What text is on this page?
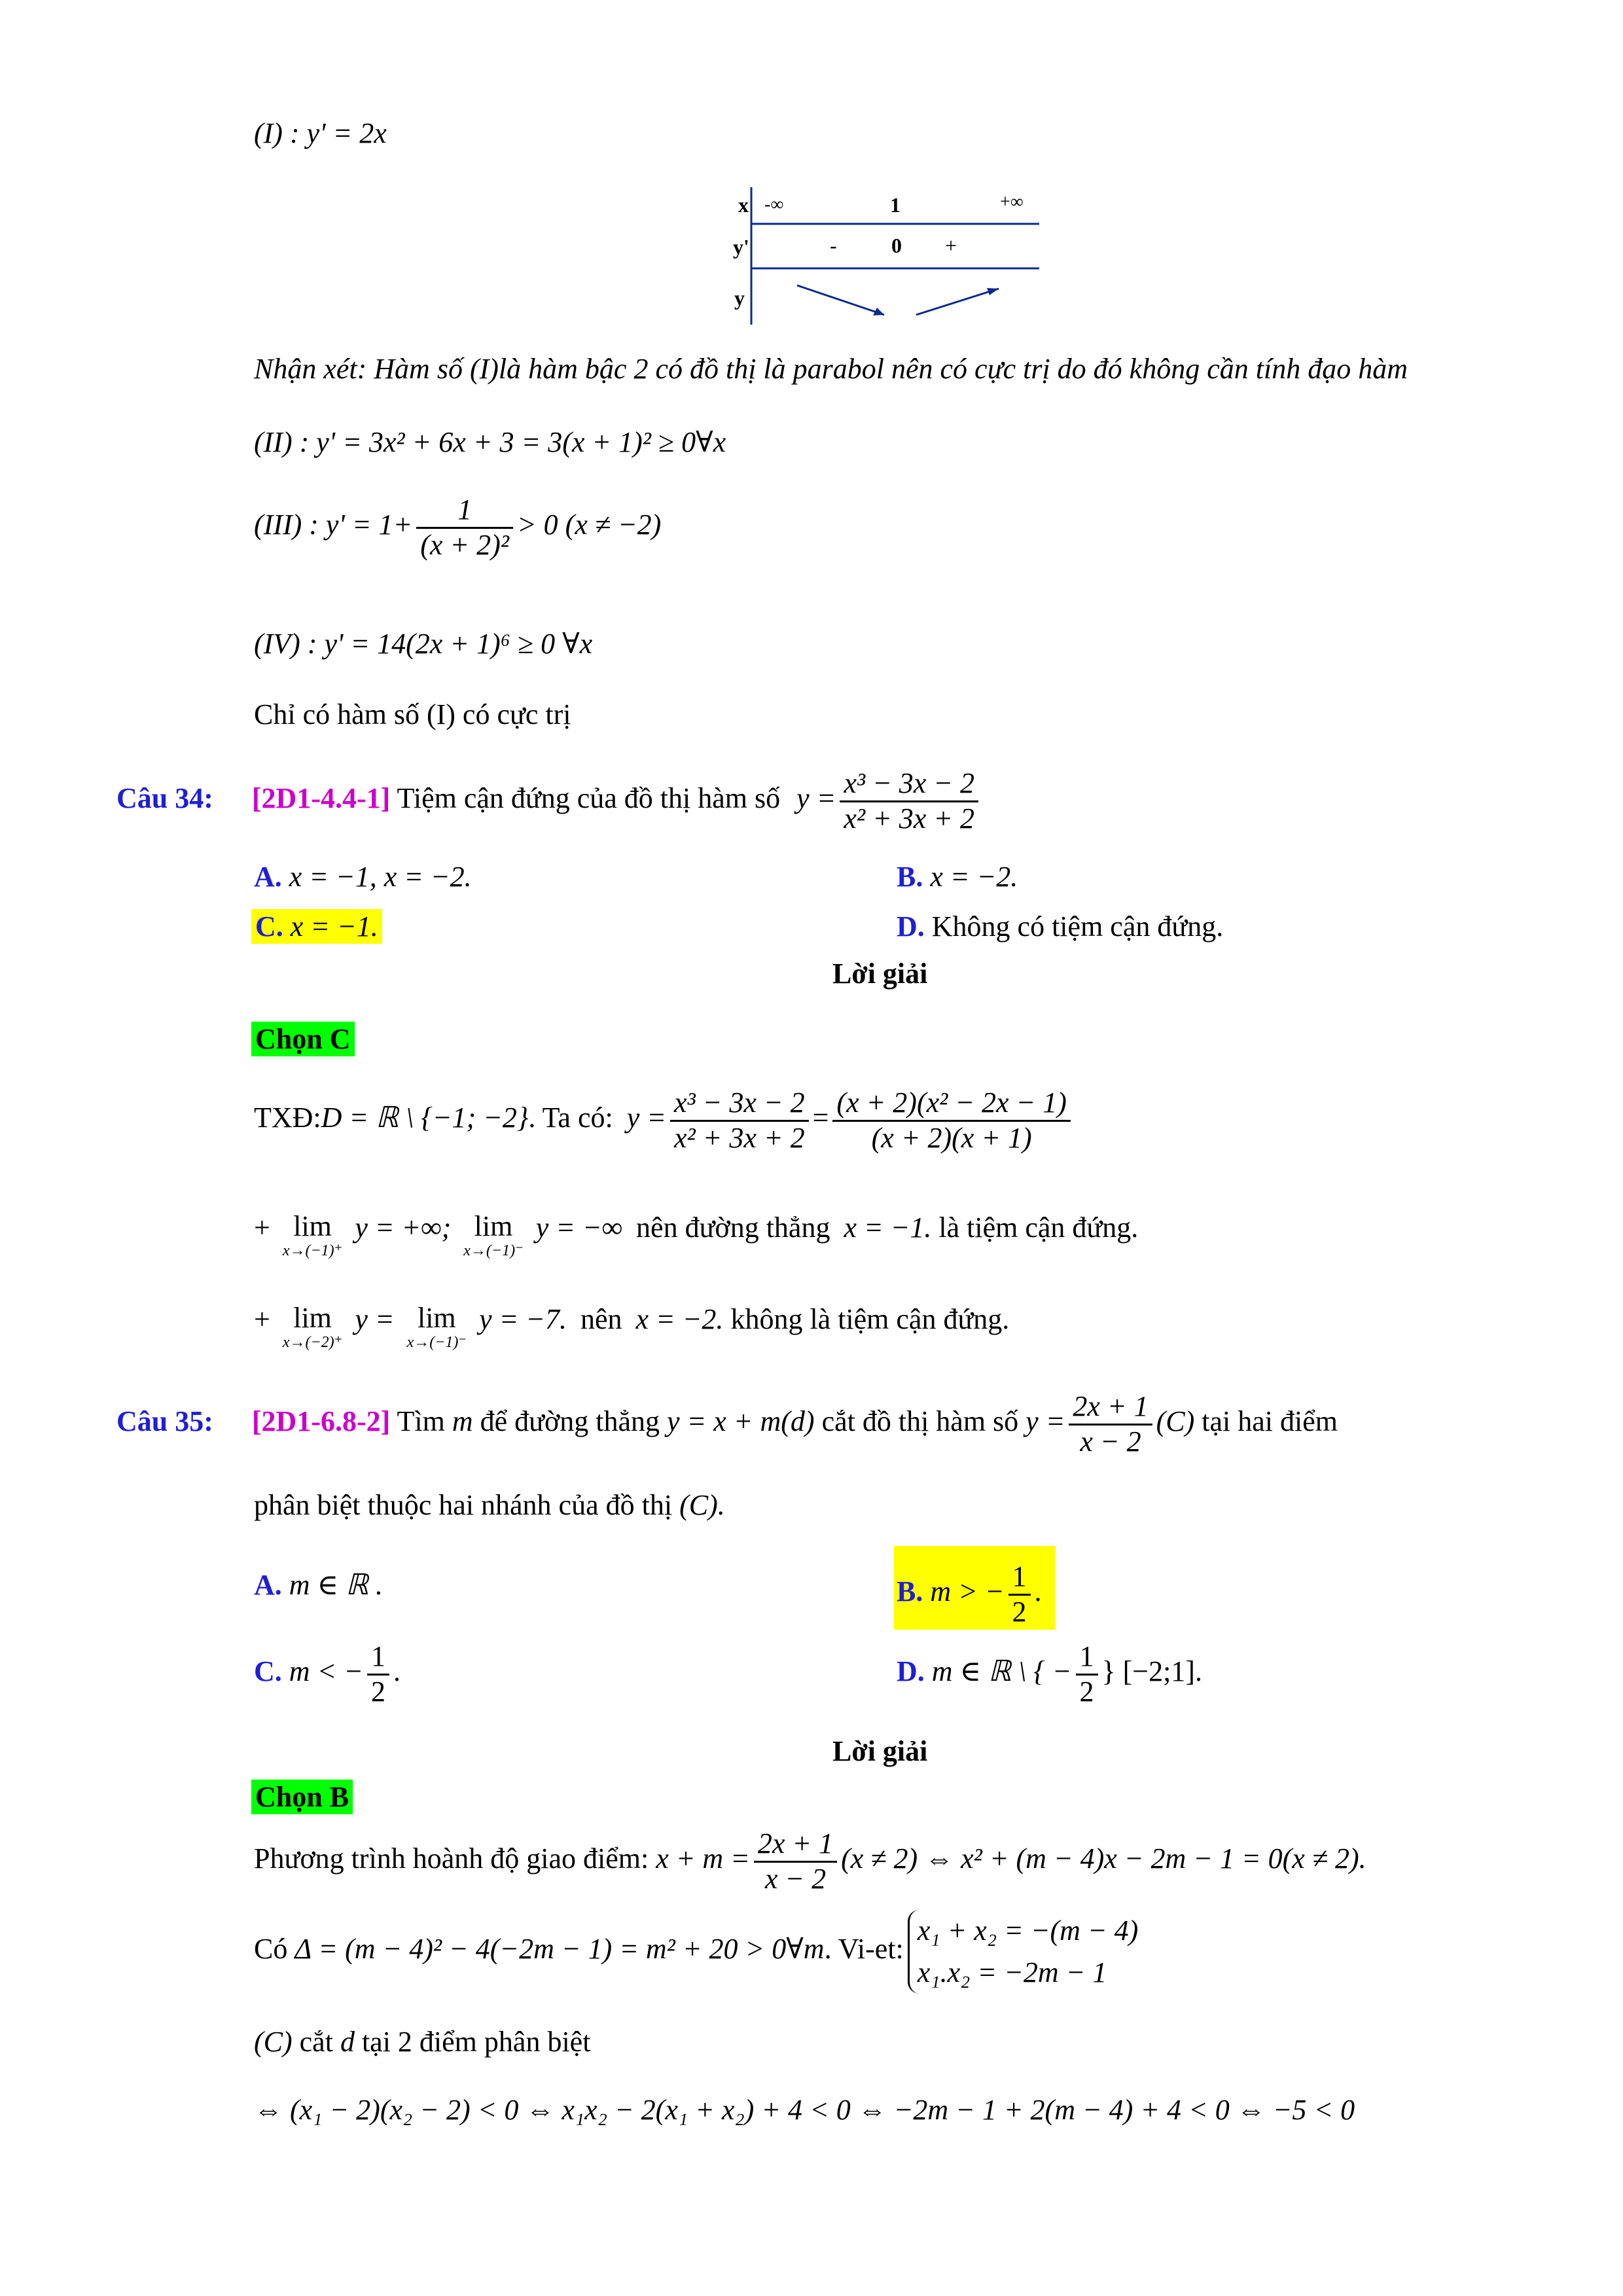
(I) : y' = 2x
x -∞	1	+∞
y'	-	0 +
y
Nhận xét: Hàm số (I)là hàm bậc 2 có đồ thị là parabol nên có cực trị do đó không cần tính đạo hàm
(II) : y' = 3x² + 6x + 3 = 3(x + 1)² ≥ 0∀x
(III) : $y' = 1+ \frac{1}{\text{(x + 2)²}} > 0$ (x ≠ −2)
(IV) : y' = 14(2x + 1)⁶ ≥ 0 ∀x
Chỉ có hàm số (I) có cực trị
Câu 34: [2D1-4.4-1] Tiệm cận đứng của đồ thị hàm số $y = \frac{\text{x³ − 3x − 2}}{\text{x² + 3x + 2}}$
A. x = −1, x = −2.	B. x = −2.
C. x = −1.	D. Không có tiệm cận đứng.
Lời giải
Chọn C
TXĐ:D = ℝ \ {−1; −2}. Ta có: $y = \frac{\text{x³ − 3x − 2}}{\text{x² + 3x + 2}} = \frac{\text{(x + 2)(x² − 2x − 1)}}{(x + 2)(x + 1)}$
+ lim
x→(−1)⁺
y = +∞; lim
x→(−1)⁻
y = −∞ nên đường thẳng x = −1. là tiệm cận đứng.
+ lim
x→(−2)⁺
y = lim
x→(−1)⁻
y = −7. nên x = −2. không là tiệm cận đứng.
Câu 35: [2D1-6.8-2] Tìm m để đường thẳng y = x + m(d) cắt đồ thị hàm số $y = \frac{2x + 1}{x - 2} (C)$ tại hai điểm
phân biệt thuộc hai nhánh của đồ thị (C).
A. m ∈ ℝ .	B. m > − $\frac{1}{2}$ .
C. m < − $\frac{1}{2}$ .	D. m ∈ ℝ \ { − $\frac{1}{2}$ } [−2;1].
Lời giải
Chọn B
Phương trình hoành độ giao điểm: $x + m = \frac{2x + 1}{x - 2} (x \ne 2)$ ⇔ x² + (m − 4)x − 2m − 1 = 0(x ≠ 2).
Có Δ = (m − 4)² − 4(−2m − 1) = m² + 20 > 0∀m. Vi-et:
x₁ + x₂ = −(m − 4)
x₁.x₂ = −2m − 1
(C) cắt d tại 2 điểm phân biệt
⇔ (x₁ − 2)(x₂ − 2) < 0 ⇔ x₁x₂ − 2(x₁ + x₂) + 4 < 0 ⇔ −2m − 1 + 2(m − 4) + 4 < 0 ⇔ −5 < 0
